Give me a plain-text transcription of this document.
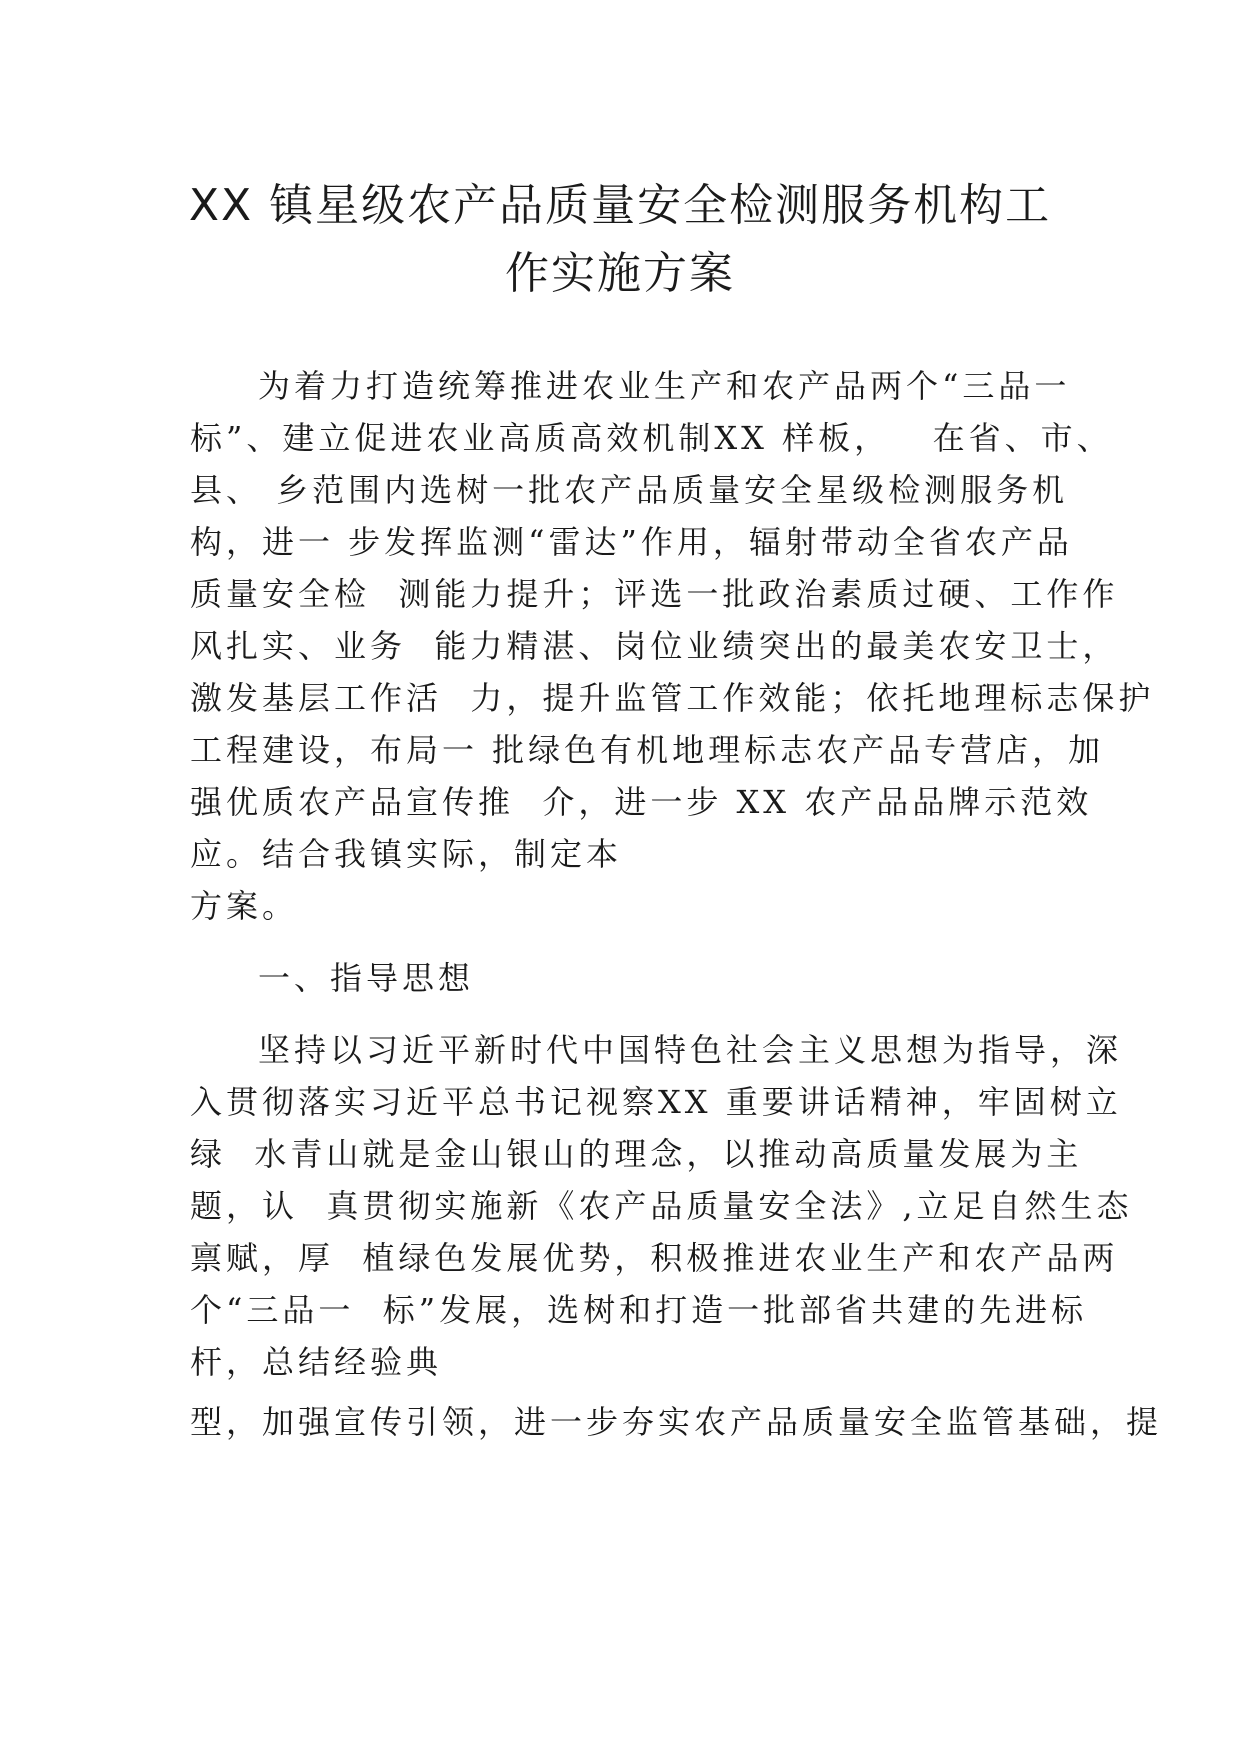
XX 镇星级农产品质量安全检测服务机构工
作实施方案
为着力打造统筹推进农业生产和农产品两个“三品一
标”、建立促进农业高质高效机制XX 样板，   在省、市、
县、 乡范围内选树一批农产品质量安全星级检测服务机
构，进一 步发挥监测“雷达”作用，辐射带动全省农产品
质量安全检  测能力提升；评选一批政治素质过硬、工作作
风扎实、业务  能力精湛、岗位业绩突出的最美农安卫士，
激发基层工作活  力，提升监管工作效能；依托地理标志保护
工程建设，布局一 批绿色有机地理标志农产品专营店，加
强优质农产品宣传推  介，进一步 XX 农产品品牌示范效
应。结合我镇实际，制定本
方案。
一、指导思想
坚持以习近平新时代中国特色社会主义思想为指导，深
入贯彻落实习近平总书记视察XX 重要讲话精神，牢固树立
绿  水青山就是金山银山的理念，以推动高质量发展为主
题，认  真贯彻实施新《农产品质量安全法》,立足自然生态
禀赋，厚  植绿色发展优势，积极推进农业生产和农产品两
个“三品一  标”发展，选树和打造一批部省共建的先进标
杆，总结经验典
型，加强宣传引领，进一步夯实农产品质量安全监管基础，提
